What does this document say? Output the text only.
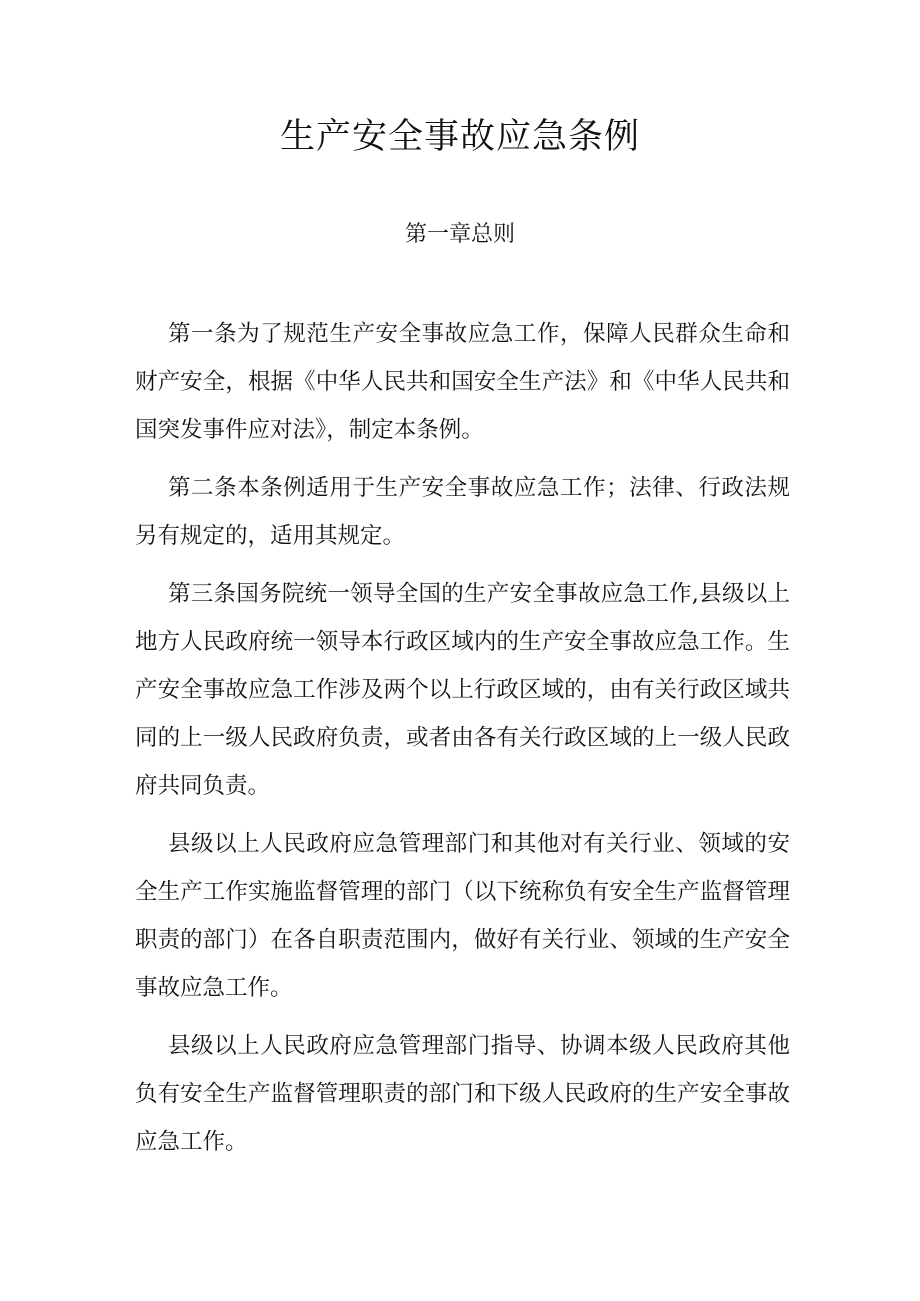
生产安全事故应急条例
第一章总则

第一条为了规范生产安全事故应急工作，保障人民群众生命和财产安全，根据《中华人民共和国安全生产法》和《中华人民共和国突发事件应对法》，制定本条例。

第二条本条例适用于生产安全事故应急工作；法律、行政法规另有规定的，适用其规定。

第三条国务院统一领导全国的生产安全事故应急工作,县级以上地方人民政府统一领导本行政区域内的生产安全事故应急工作。生产安全事故应急工作涉及两个以上行政区域的，由有关行政区域共同的上一级人民政府负责，或者由各有关行政区域的上一级人民政府共同负责。

县级以上人民政府应急管理部门和其他对有关行业、领域的安全生产工作实施监督管理的部门（以下统称负有安全生产监督管理职责的部门）在各自职责范围内，做好有关行业、领域的生产安全事故应急工作。

县级以上人民政府应急管理部门指导、协调本级人民政府其他负有安全生产监督管理职责的部门和下级人民政府的生产安全事故应急工作。
